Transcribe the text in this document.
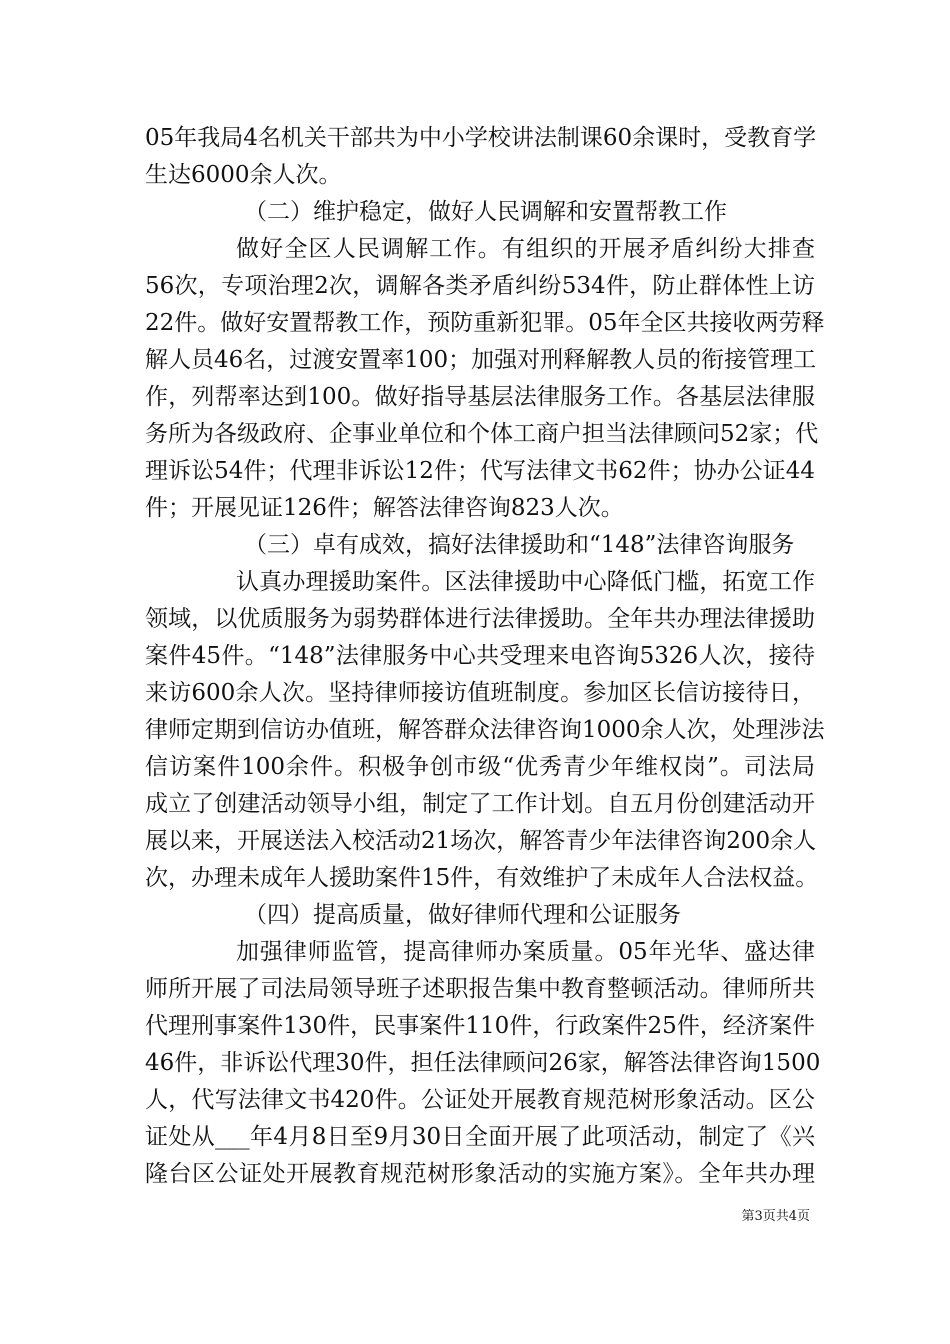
05年我局4名机关干部共为中小学校讲法制课60余课时，受教育学
生达6000余人次。
（二）维护稳定，做好人民调解和安置帮教工作
做好全区人民调解工作。有组织的开展矛盾纠纷大排查
56次，专项治理2次，调解各类矛盾纠纷534件，防止群体性上访
22件。做好安置帮教工作，预防重新犯罪。05年全区共接收两劳释
解人员46名，过渡安置率100；加强对刑释解教人员的衔接管理工
作，列帮率达到100。做好指导基层法律服务工作。各基层法律服
务所为各级政府、企事业单位和个体工商户担当法律顾问52家；代
理诉讼54件；代理非诉讼12件；代写法律文书62件；协办公证44
件；开展见证126件；解答法律咨询823人次。
（三）卓有成效，搞好法律援助和“148”法律咨询服务
认真办理援助案件。区法律援助中心降低门槛，拓宽工作
领域，以优质服务为弱势群体进行法律援助。全年共办理法律援助
案件45件。“148”法律服务中心共受理来电咨询5326人次，接待
来访600余人次。坚持律师接访值班制度。参加区长信访接待日，
律师定期到信访办值班，解答群众法律咨询1000余人次，处理涉法
信访案件100余件。积极争创市级“优秀青少年维权岗”。司法局
成立了创建活动领导小组，制定了工作计划。自五月份创建活动开
展以来，开展送法入校活动21场次，解答青少年法律咨询200余人
次，办理未成年人援助案件15件，有效维护了未成年人合法权益。
（四）提高质量，做好律师代理和公证服务
加强律师监管，提高律师办案质量。05年光华、盛达律
师所开展了司法局领导班子述职报告集中教育整顿活动。律师所共
代理刑事案件130件，民事案件110件，行政案件25件，经济案件
46件，非诉讼代理30件，担任法律顾问26家，解答法律咨询1500
人，代写法律文书420件。公证处开展教育规范树形象活动。区公
证处从___年4月8日至9月30日全面开展了此项活动，制定了《兴
隆台区公证处开展教育规范树形象活动的实施方案》。全年共办理
第3页共4页
